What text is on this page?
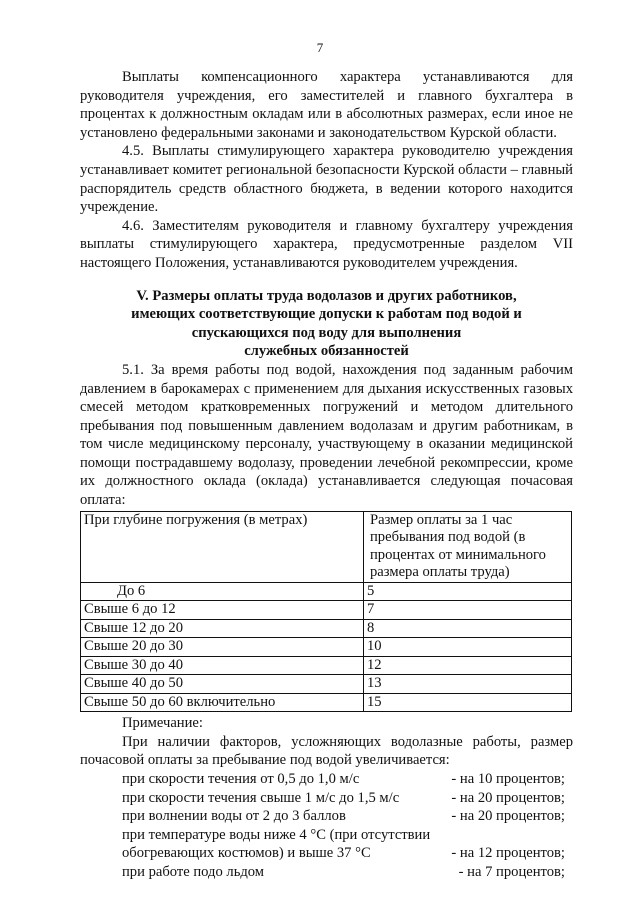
7

Выплаты компенсационного характера устанавливаются для руководителя учреждения, его заместителей и главного бухгалтера в процентах к должностным окладам или в абсолютных размерах, если иное не установлено федеральными законами и законодательством Курской области.

4.5. Выплаты стимулирующего характера руководителю учреждения устанавливает комитет региональной безопасности Курской области – главный распорядитель средств областного бюджета, в ведении которого находится учреждение.

4.6. Заместителям руководителя и главному бухгалтеру учреждения выплаты стимулирующего характера, предусмотренные разделом VII настоящего Положения, устанавливаются руководителем учреждения.

V. Размеры оплаты труда водолазов и других работников,
имеющих соответствующие допуски к работам под водой и
спускающихся под воду для выполнения
служебных обязанностей

5.1. За время работы под водой, нахождения под заданным рабочим давлением в барокамерах с применением для дыхания искусственных газовых смесей методом кратковременных погружений и методом длительного пребывания под повышенным давлением водолазам и другим работникам, в том числе медицинскому персоналу, участвующему в оказании медицинской помощи пострадавшему водолазу, проведении лечебной рекомпрессии, кроме их должностного оклада (оклада) устанавливается следующая почасовая оплата:

При глубине погружения (в метрах)	Размер оплаты за 1 час пребывания под водой (в процентах от минимального размера оплаты труда)
До 6	5
Свыше 6 до 12	7
Свыше 12 до 20	8
Свыше 20 до 30	10
Свыше 30 до 40	12
Свыше 40 до 50	13
Свыше 50 до 60 включительно	15

Примечание:

При наличии факторов, усложняющих водолазные работы, размер почасовой оплаты за пребывание под водой увеличивается:

при скорости течения от 0,5 до 1,0 м/с	- на 10 процентов;
при скорости течения свыше 1 м/с до 1,5 м/с	- на 20 процентов;
при волнении воды от 2 до 3 баллов	- на 20 процентов;
при температуре воды ниже 4 °С (при отсутствии
обогревающих костюмов) и выше 37 °С	- на 12 процентов;
при работе подо льдом	- на 7 процентов;
